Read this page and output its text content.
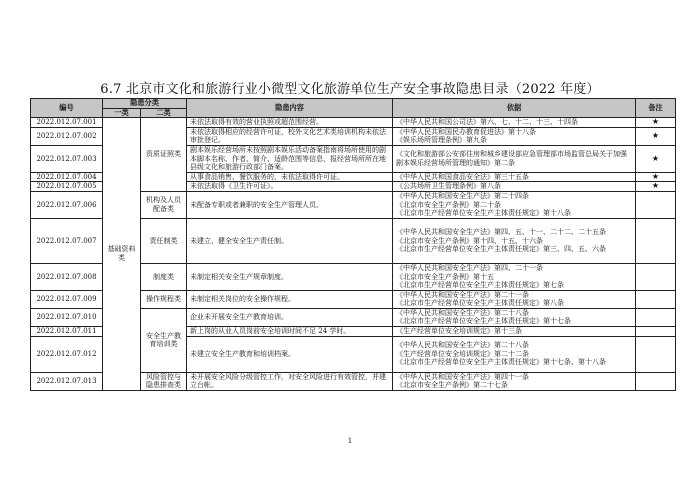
6.7 北京市文化和旅游行业小微型文化旅游单位生产安全事故隐患目录（2022 年度）
编号	隐患分类		隐患内容	依据	备注
	一类	二类			
2022.012.07.001	基础资料类	资质证照类	未依法取得有效的营业执照或超范围经营。	《中华人民共和国公司法》第六、七、十二、十三、十四条	★
2022.012.07.002			未依法取得相应的经营许可证，校外文化艺术类培训机构未依法审批登记。	《中华人民共和国民办教育促进法》第十八条
《娱乐场所管理条例》第九条	★
2022.012.07.003			剧本娱乐经营场所未按照剧本娱乐活动备案指南将场所使用的剧本脚本名称、作者、简介、适龄范围等信息，报经营场所所在地县级文化和旅游行政部门备案。	《文化和旅游部公安部住房和城乡建设部应急管理部市场监管总局关于加强剧本娱乐经营场所管理的通知》第二条	★
2022.012.07.004			从事食品销售、餐饮服务的，未依法取得许可证。	《中华人民共和国食品安全法》第三十五条	★
2022.012.07.005			未依法取得《卫生许可证》。	《公共场所卫生管理条例》第八条	★
2022.012.07.006		机构及人员配备类	未配备专职或者兼职的安全生产管理人员。	《中华人民共和国安全生产法》第二十四条
《北京市安全生产条例》第二十条
《北京市生产经营单位安全生产主体责任规定》第十八条	

2022.012.07.007		责任制类	未建立、健全安全生产责任制。	《中华人民共和国安全生产法》第四、五、十一、二十二、二十五条
《北京市安全生产条例》第十四、十五、十六条
《北京市生产经营单位安全生产主体责任规定》第三、四、五、六条	

2022.012.07.008		制度类	未制定相关安全生产规章制度。	《中华人民共和国安全生产法》第四、二十一条
《北京市安全生产条例》第十五
《北京市生产经营单位安全生产主体责任规定》第七条	

2022.012.07.009		操作规程类	未制定相关岗位的安全操作规程。	《中华人民共和国安全生产法》第二十一条
《北京市生产经营单位安全生产主体责任规定》第八条	

2022.012.07.010		安全生产教育培训类	企业未开展安全生产教育培训。	《中华人民共和国安全生产法》第二十八条
《北京市生产经营单位安全生产主体责任规定》第十七条	

2022.012.07.011			新上岗的从业人员岗前安全培训时间不足 24 学时。	《生产经营单位安全培训规定》第十三条	

2022.012.07.012			未建立安全生产教育和培训档案。	《中华人民共和国安全生产法》第二十八条
《生产经营单位安全培训规定》第二十二条
《北京市生产经营单位安全生产主体责任规定》第十七条、第十八条	

2022.012.07.013		风险管控与隐患排查类	未开展安全风险分级管控工作，对安全风险进行有效管控，并建立台帐。	《中华人民共和国安全生产法》第四十一条
《北京市安全生产条例》第二十七条	

1
